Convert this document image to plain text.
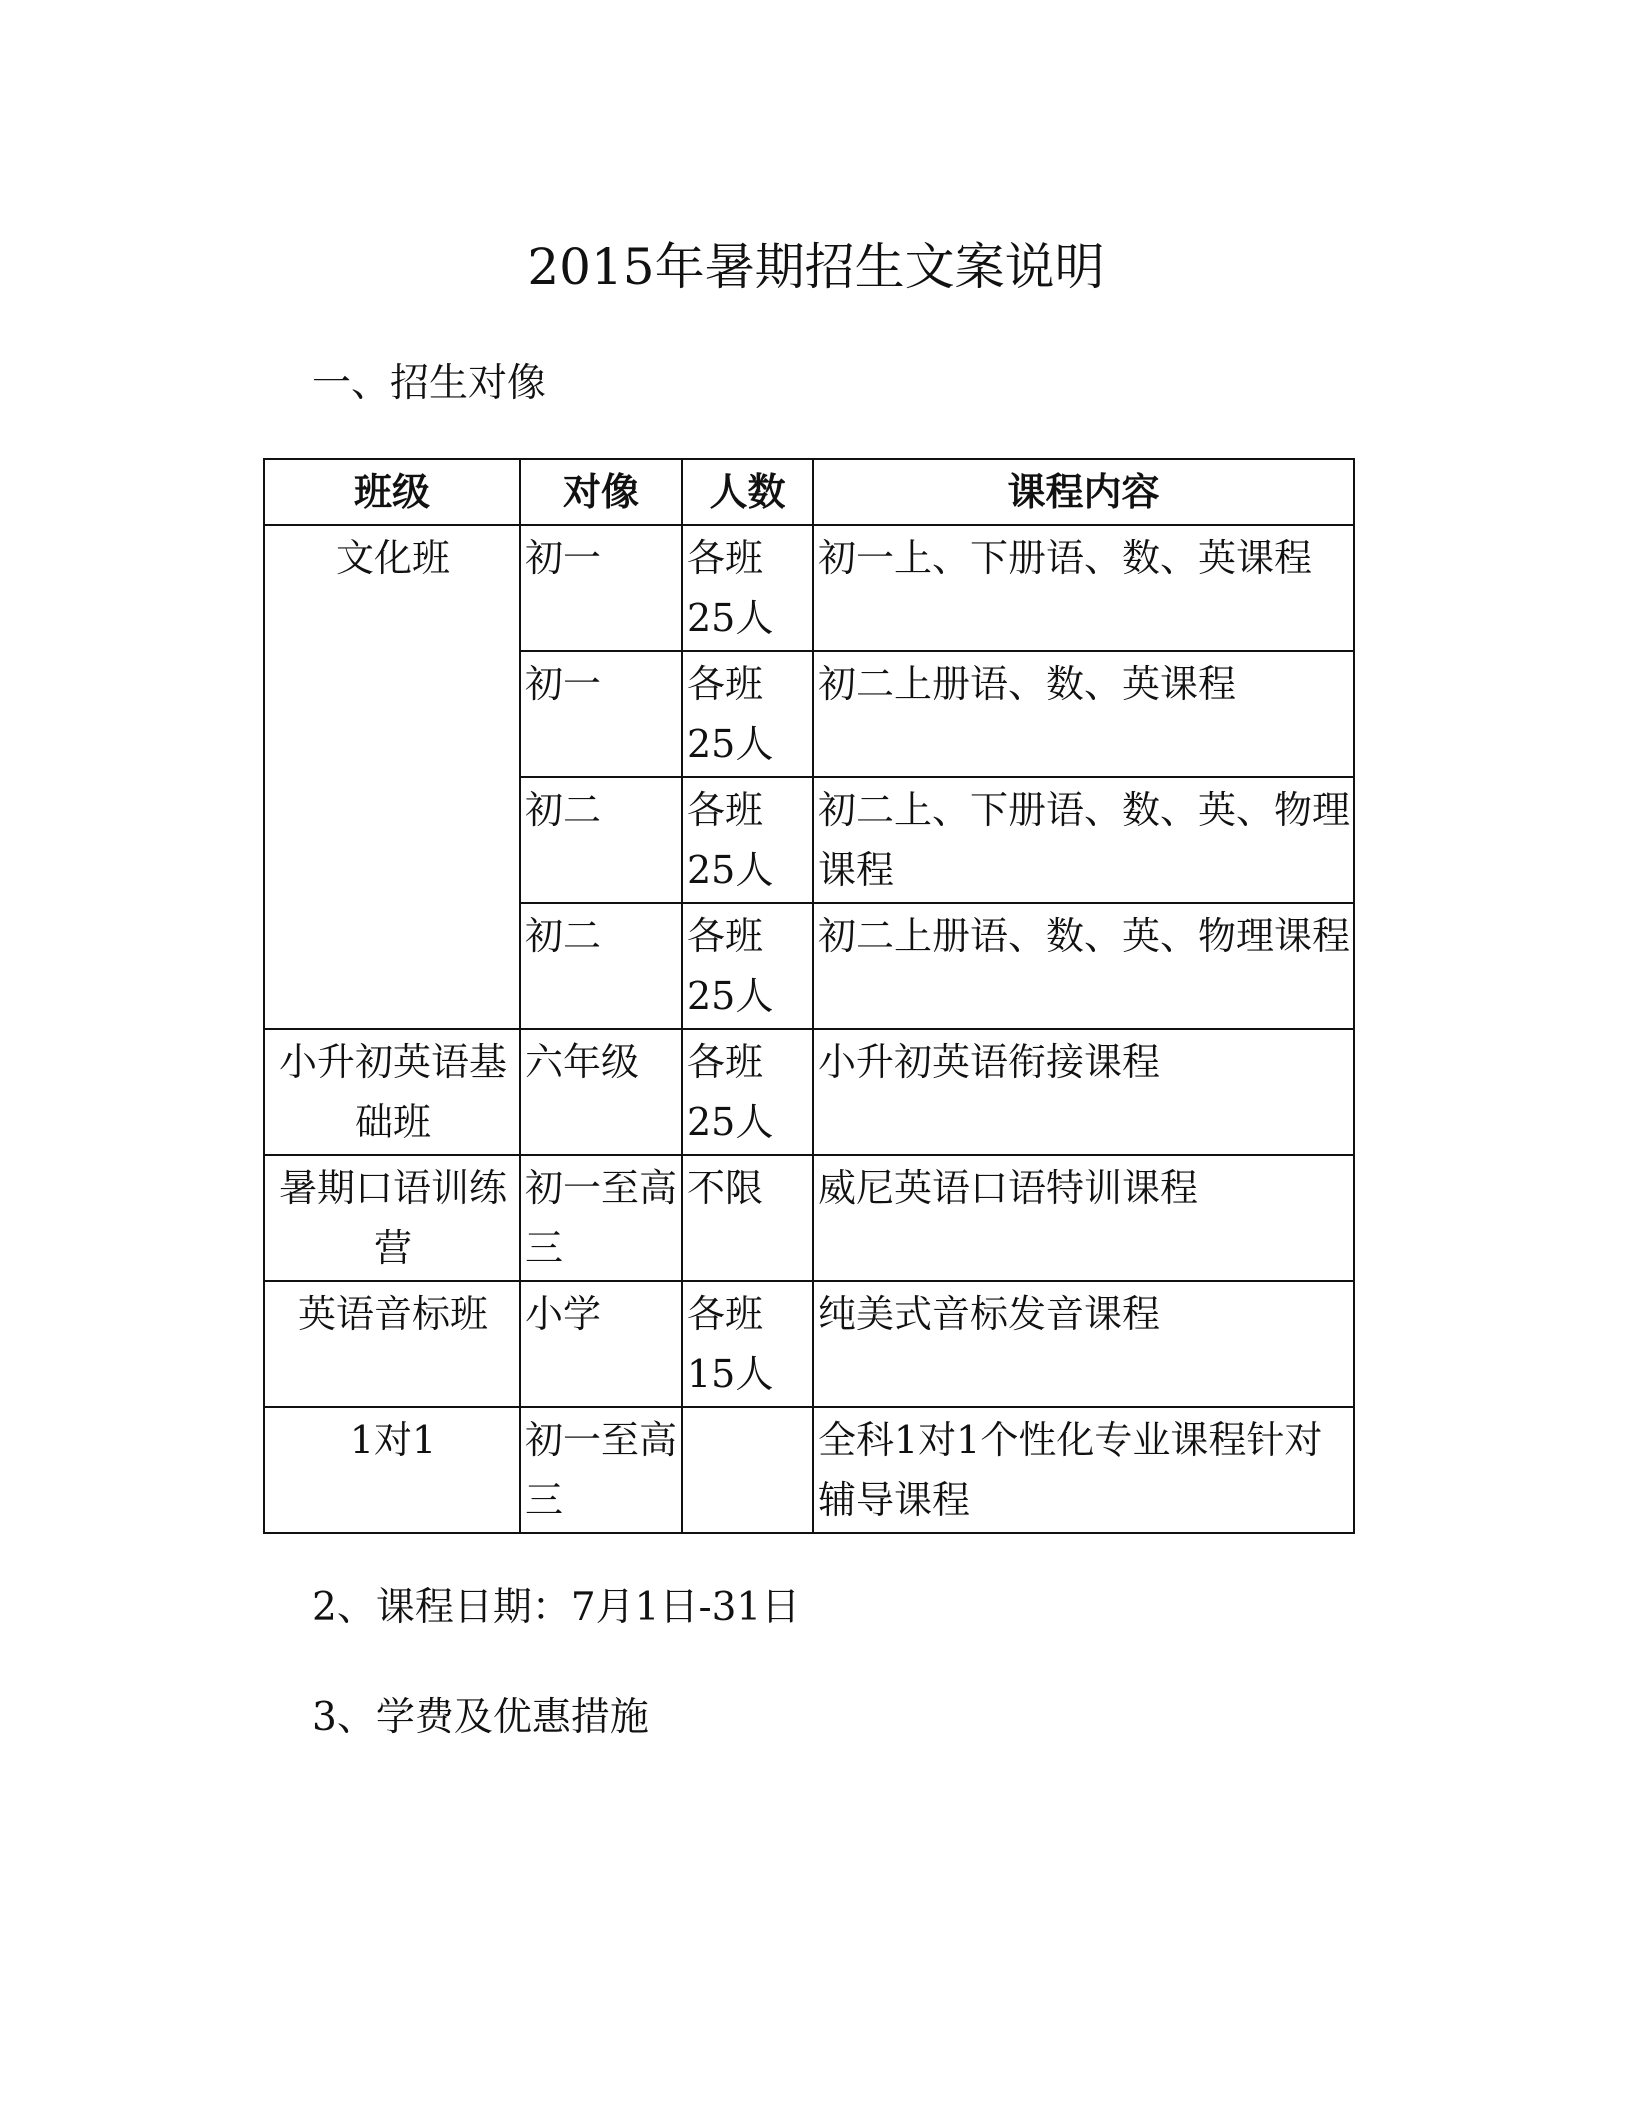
2015年暑期招生文案说明

一、招生对像

班级	对像	人数	课程内容
文化班	初一	各班25人	初一上、下册语、数、英课程
	初一	各班25人	初二上册语、数、英课程
	初二	各班25人	初二上、下册语、数、英、物理课程
	初二	各班25人	初二上册语、数、英、物理课程
小升初英语基础班	六年级	各班25人	小升初英语衔接课程
暑期口语训练营	初一至高三	不限	威尼英语口语特训课程
英语音标班	小学	各班15人	纯美式音标发音课程
1对1	初一至高三		全科1对1个性化专业课程针对辅导课程

2、课程日期：7月1日-31日

3、学费及优惠措施
